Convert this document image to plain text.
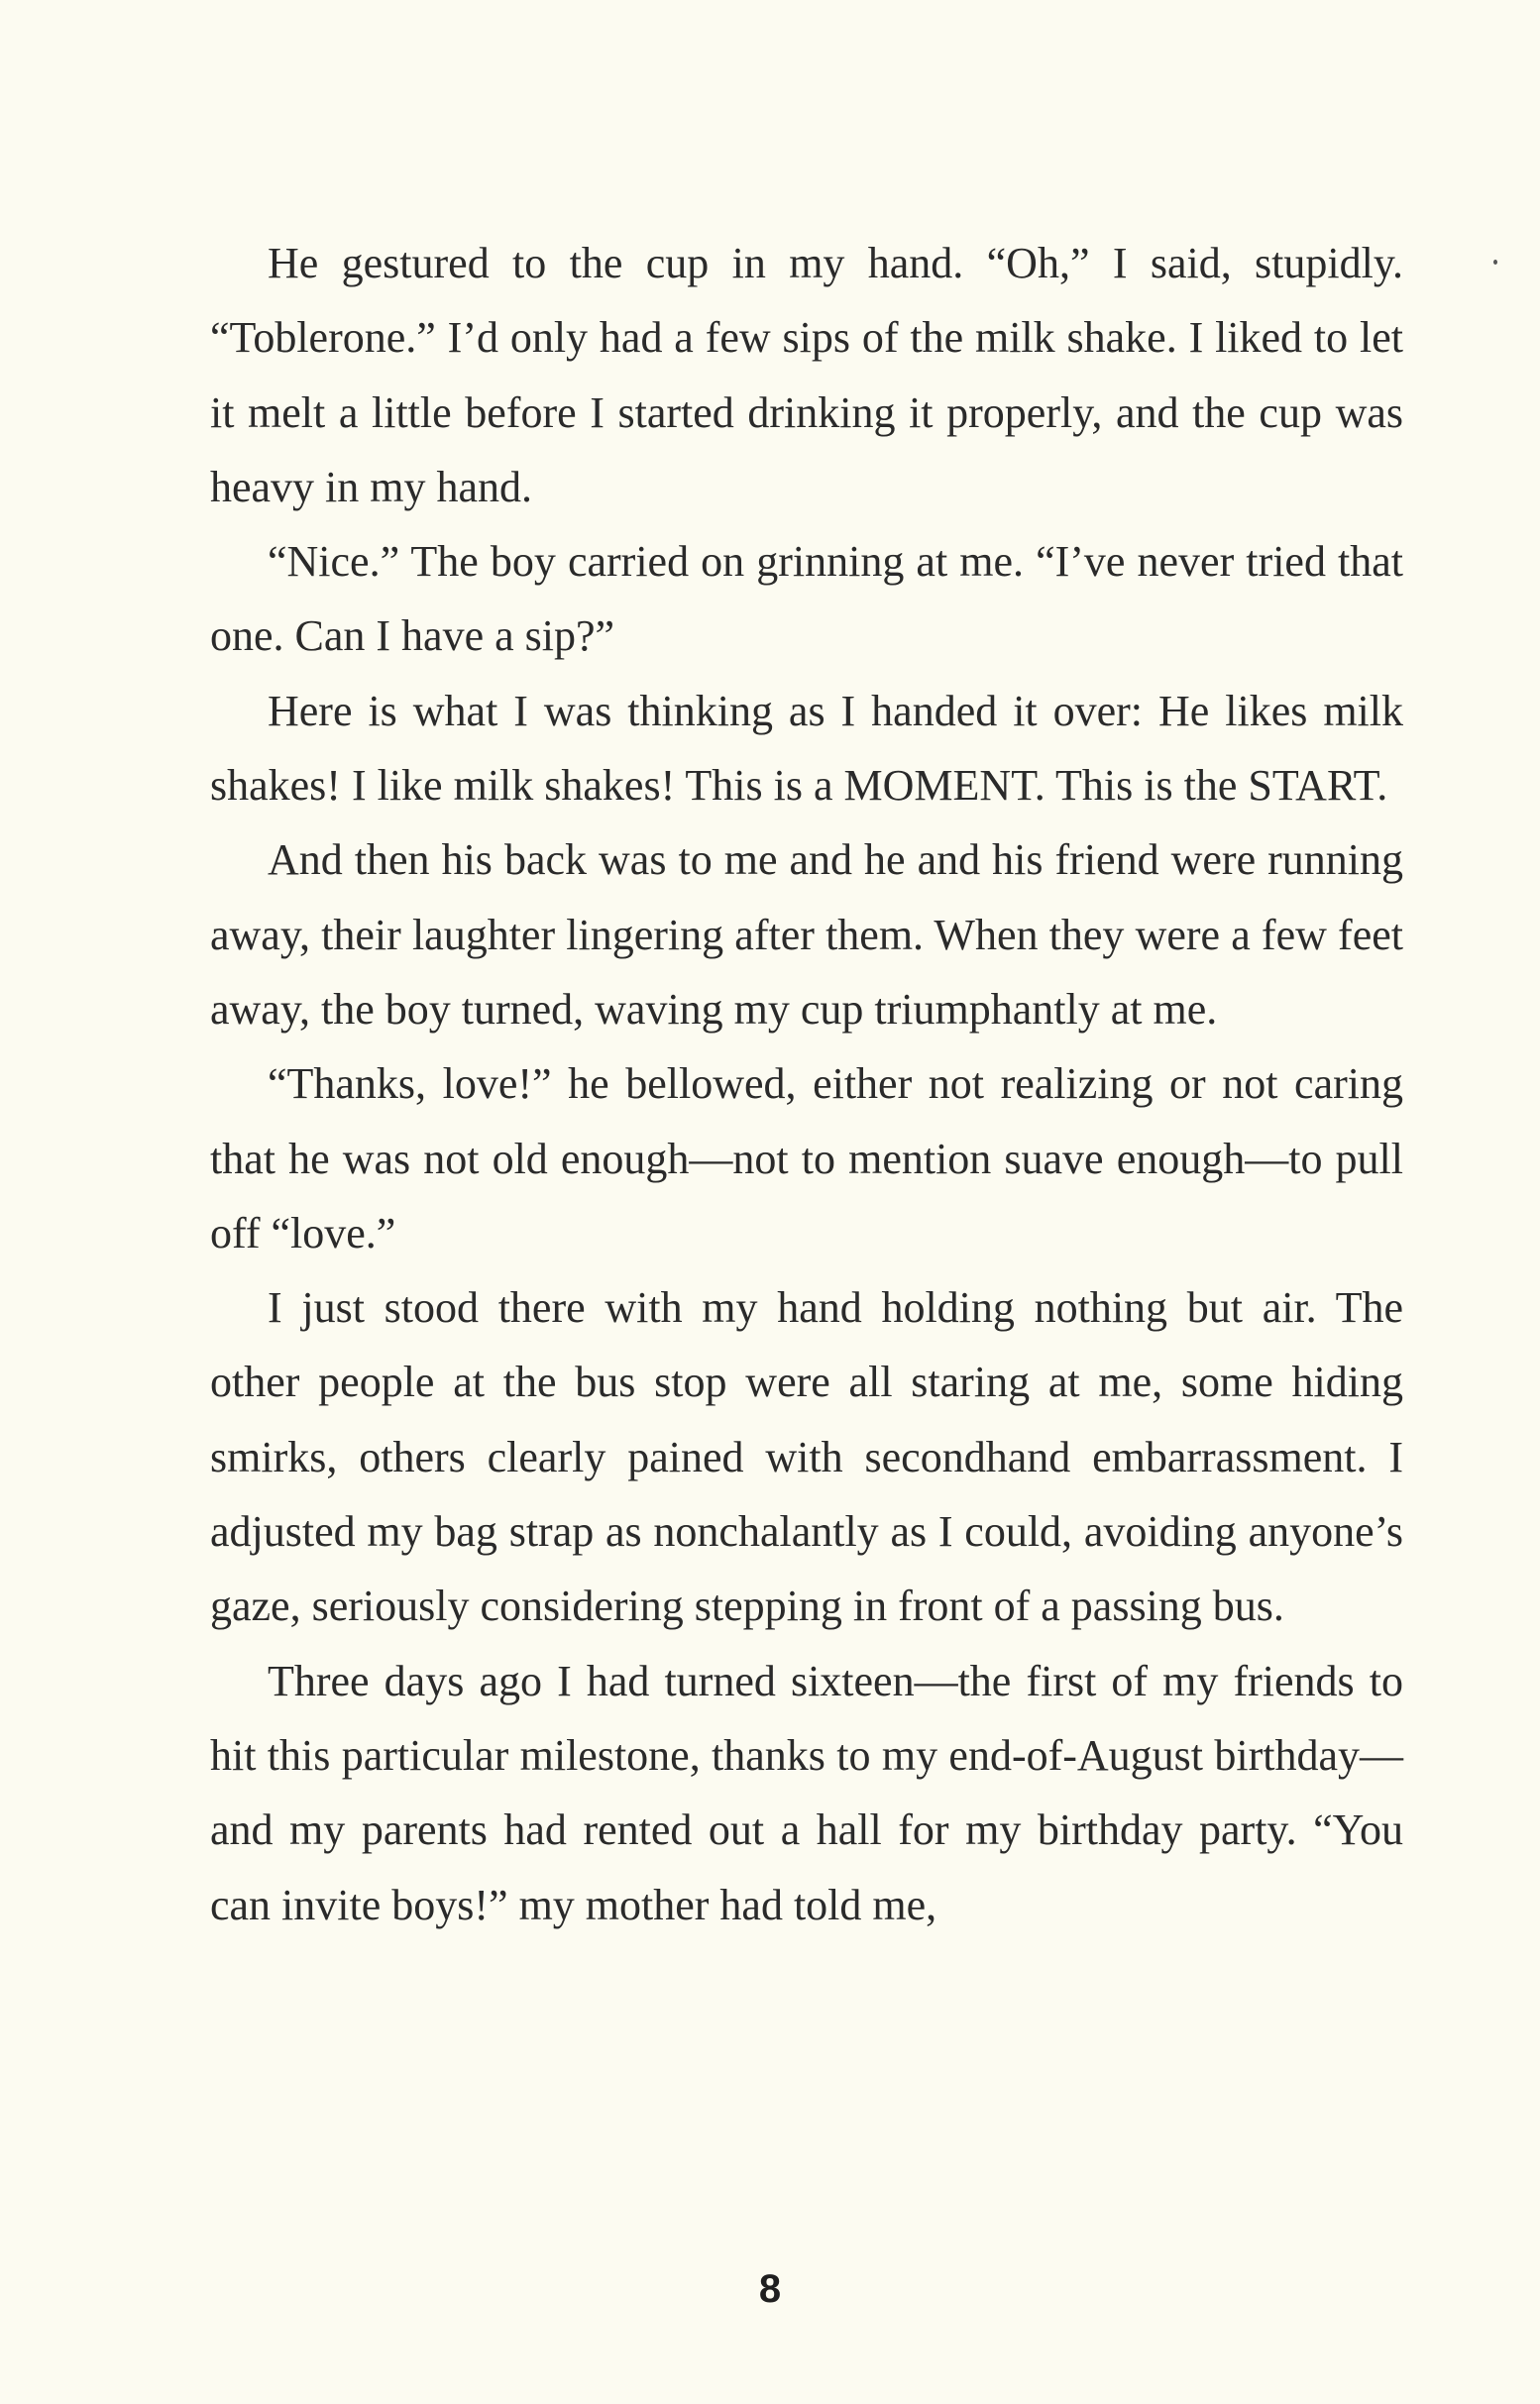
He gestured to the cup in my hand. “Oh,” I said, stupidly. “Toblerone.” I’d only had a few sips of the milk shake. I liked to let it melt a little before I started drinking it properly, and the cup was heavy in my hand.

“Nice.” The boy carried on grinning at me. “I’ve never tried that one. Can I have a sip?”

Here is what I was thinking as I handed it over: He likes milk shakes! I like milk shakes! This is a MOMENT. This is the START.

And then his back was to me and he and his friend were running away, their laughter lingering after them. When they were a few feet away, the boy turned, waving my cup triumphantly at me.

“Thanks, love!” he bellowed, either not realizing or not caring that he was not old enough—not to mention suave enough—to pull off “love.”

I just stood there with my hand holding nothing but air. The other people at the bus stop were all staring at me, some hiding smirks, others clearly pained with secondhand embarrassment. I adjusted my bag strap as nonchalantly as I could, avoiding anyone’s gaze, seriously considering stepping in front of a passing bus.

Three days ago I had turned sixteen—the first of my friends to hit this particular milestone, thanks to my end-of-August birthday—and my parents had rented out a hall for my birthday party. “You can invite boys!” my mother had told me,

8
